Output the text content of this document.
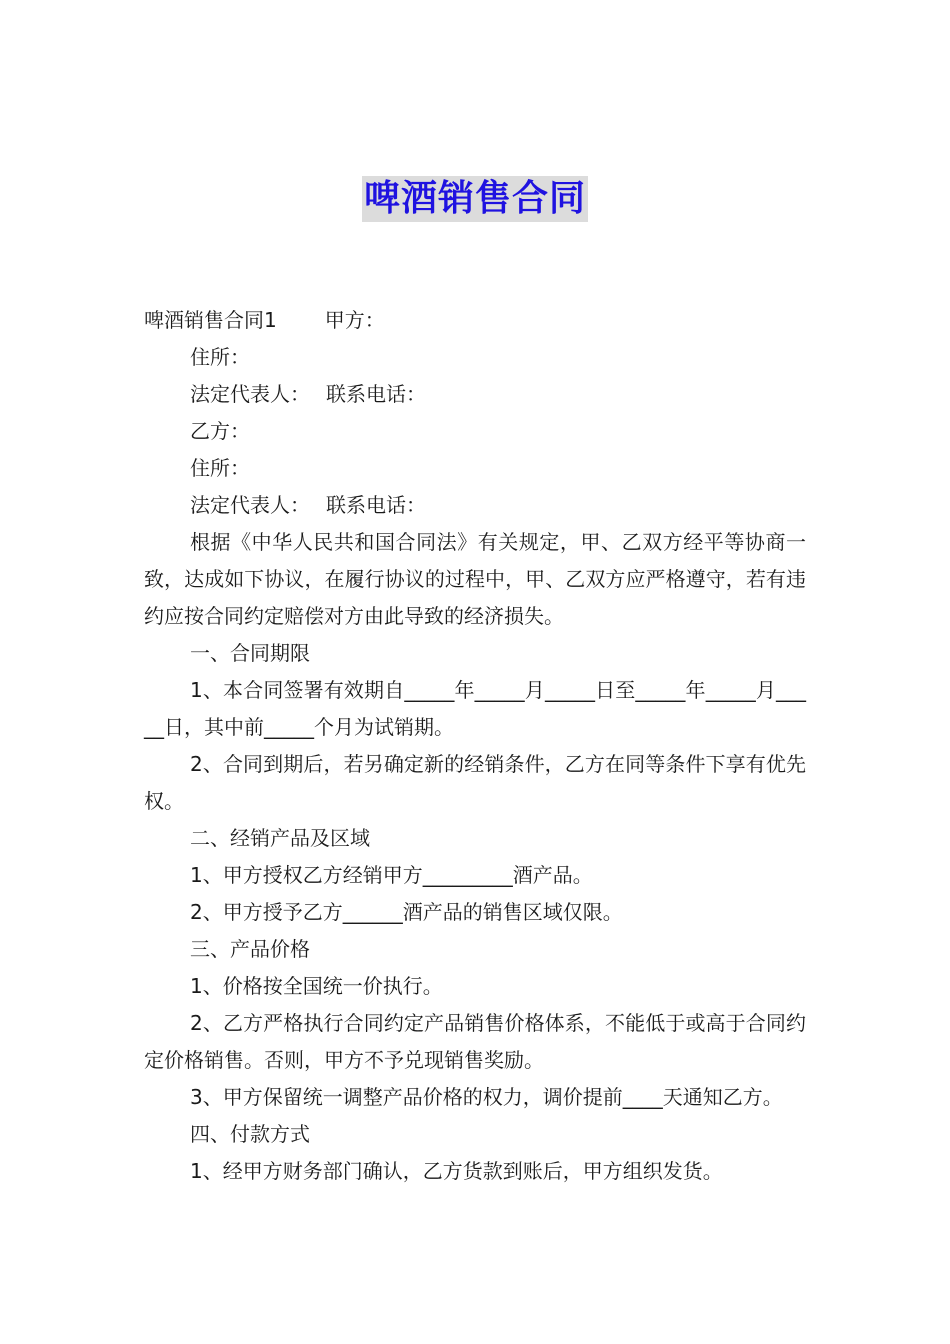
啤酒销售合同

啤酒销售合同1 甲方：

住所：

法定代表人： 联系电话：

乙方：

住所：

法定代表人： 联系电话：

根据《中华人民共和国合同法》有关规定，甲、乙双方经平等协商一致，达成如下协议，在履行协议的过程中，甲、乙双方应严格遵守，若有违约应按合同约定赔偿对方由此导致的经济损失。

一、合同期限

1、本合同签署有效期自_____年_____月_____日至_____年_____月_____日，其中前_____个月为试销期。

2、合同到期后，若另确定新的经销条件，乙方在同等条件下享有优先权。

二、经销产品及区域

1、甲方授权乙方经销甲方_________酒产品。

2、甲方授予乙方______酒产品的销售区域仅限。

三、产品价格

1、价格按全国统一价执行。

2、乙方严格执行合同约定产品销售价格体系，不能低于或高于合同约定价格销售。否则，甲方不予兑现销售奖励。

3、甲方保留统一调整产品价格的权力，调价提前____天通知乙方。

四、付款方式

1、经甲方财务部门确认，乙方货款到账后，甲方组织发货。
